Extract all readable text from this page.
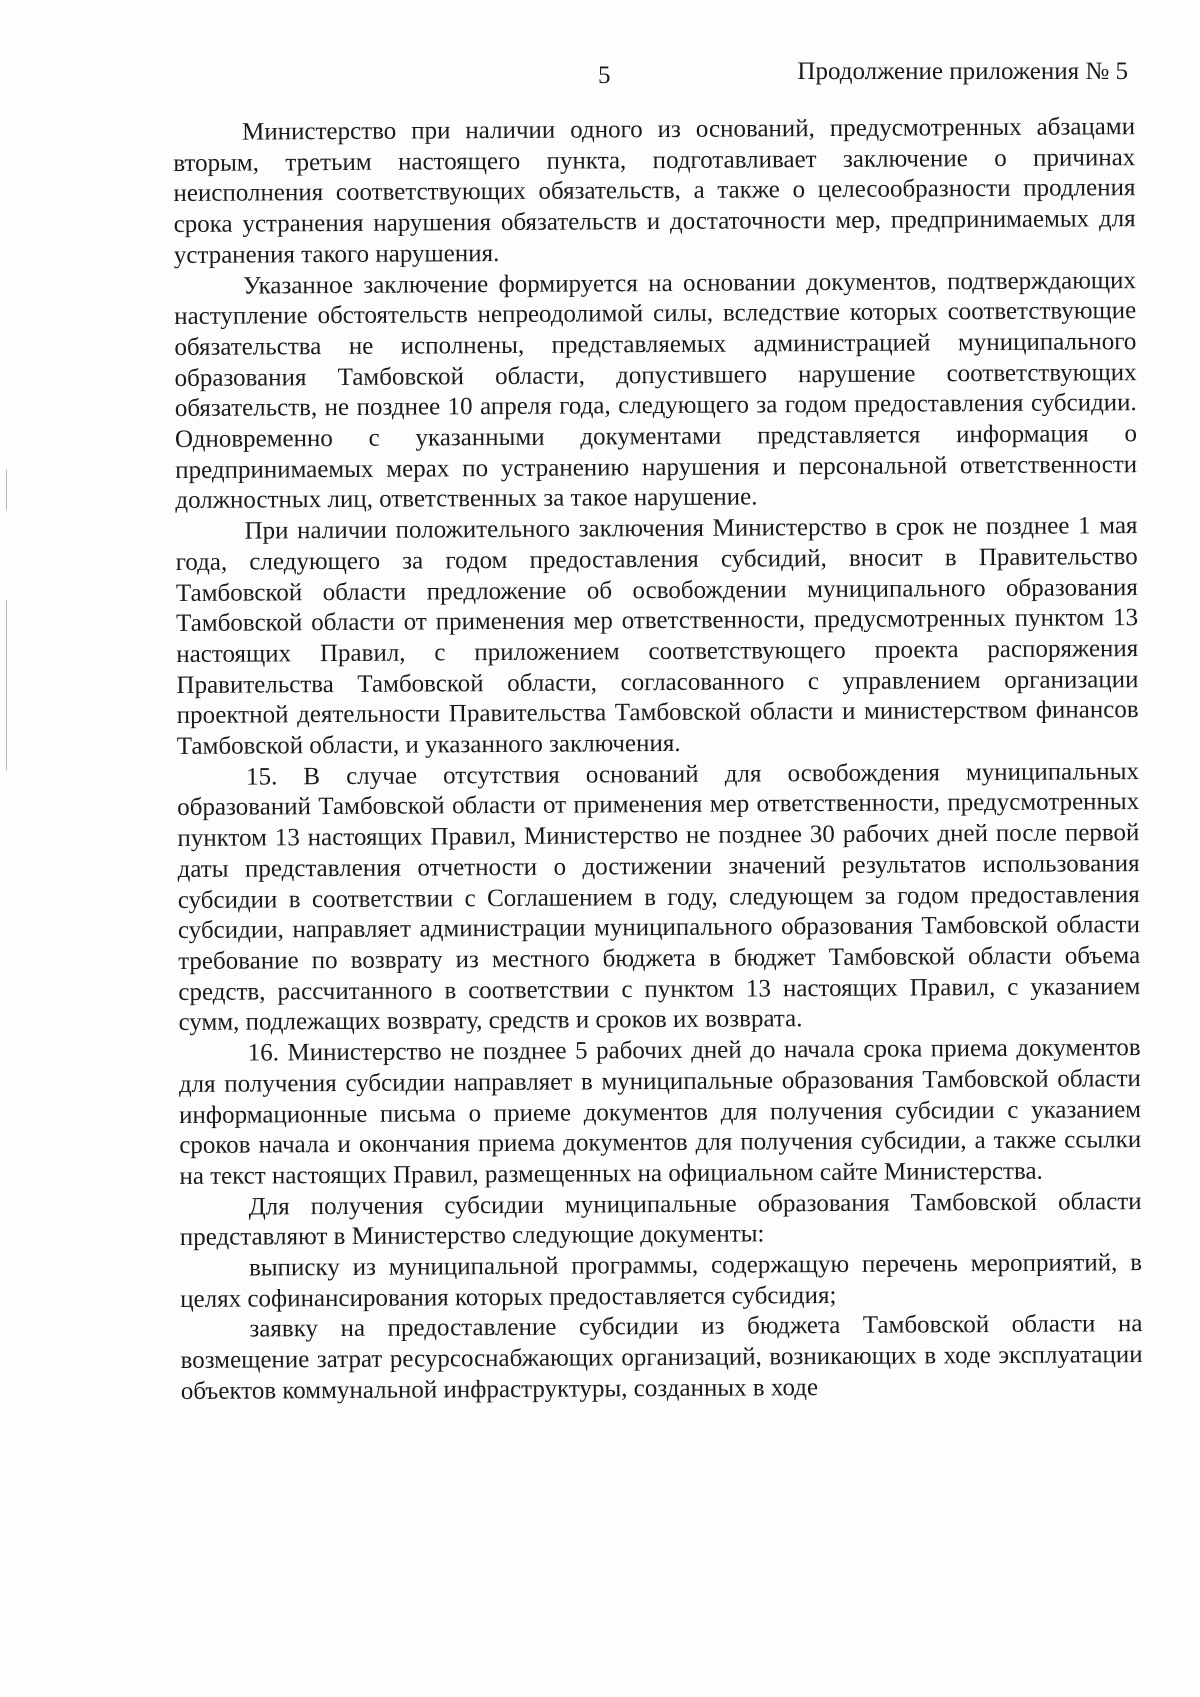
5	Продолжение приложения № 5

Министерство при наличии одного из оснований, предусмотренных абзацами вторым, третьим настоящего пункта, подготавливает заключение о причинах неисполнения соответствующих обязательств, а также о целесообразности продления срока устранения нарушения обязательств и достаточности мер, предпринимаемых для устранения такого нарушения.

Указанное заключение формируется на основании документов, подтверждающих наступление обстоятельств непреодолимой силы, вследствие которых соответствующие обязательства не исполнены, представляемых администрацией муниципального образования Тамбовской области, допустившего нарушение соответствующих обязательств, не позднее 10 апреля года, следующего за годом предоставления субсидии. Одновременно с указанными документами представляется информация о предпринимаемых мерах по устранению нарушения и персональной ответственности должностных лиц, ответственных за такое нарушение.

При наличии положительного заключения Министерство в срок не позднее 1 мая года, следующего за годом предоставления субсидий, вносит в Правительство Тамбовской области предложение об освобождении муниципального образования Тамбовской области от применения мер ответственности, предусмотренных пунктом 13 настоящих Правил, с приложением соответствующего проекта распоряжения Правительства Тамбовской области, согласованного с управлением организации проектной деятельности Правительства Тамбовской области и министерством финансов Тамбовской области, и указанного заключения.

15. В случае отсутствия оснований для освобождения муниципальных образований Тамбовской области от применения мер ответственности, предусмотренных пунктом 13 настоящих Правил, Министерство не позднее 30 рабочих дней после первой даты представления отчетности о достижении значений результатов использования субсидии в соответствии с Соглашением в году, следующем за годом предоставления субсидии, направляет администрации муниципального образования Тамбовской области требование по возврату из местного бюджета в бюджет Тамбовской области объема средств, рассчитанного в соответствии с пунктом 13 настоящих Правил, с указанием сумм, подлежащих возврату, средств и сроков их возврата.

16. Министерство не позднее 5 рабочих дней до начала срока приема документов для получения субсидии направляет в муниципальные образования Тамбовской области информационные письма о приеме документов для получения субсидии с указанием сроков начала и окончания приема документов для получения субсидии, а также ссылки на текст настоящих Правил, размещенных на официальном сайте Министерства.

Для получения субсидии муниципальные образования Тамбовской области представляют в Министерство следующие документы:

выписку из муниципальной программы, содержащую перечень мероприятий, в целях софинансирования которых предоставляется субсидия;

заявку на предоставление субсидии из бюджета Тамбовской области на возмещение затрат ресурсоснабжающих организаций, возникающих в ходе эксплуатации объектов коммунальной инфраструктуры, созданных в ходе
